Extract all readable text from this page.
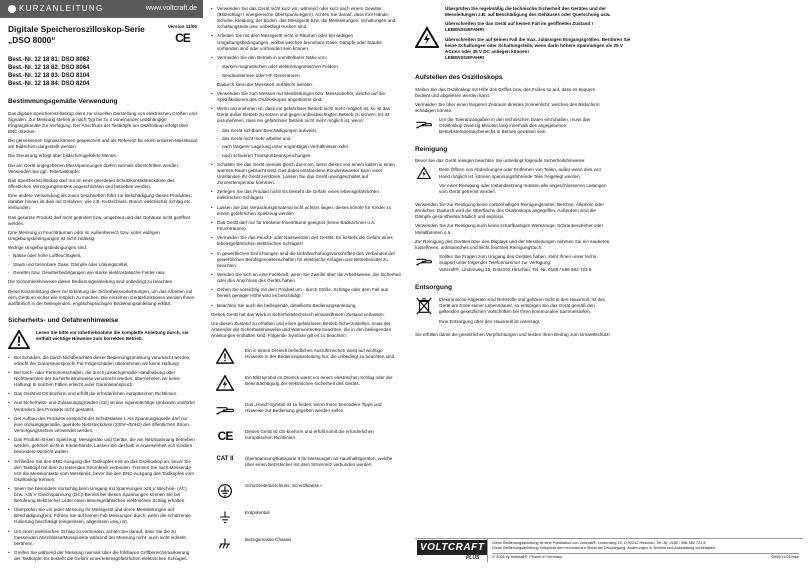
KURZANLEITUNG	www.voltcraft.de
Digitale Speicheroszilloskop-Serie
„DSO 8000“
Version 11/06
CE
Best.-Nr. 12 18 81: DSO 8062
Best.-Nr. 12 18 82: DSO 8064
Best.-Nr. 12 18 83: DSO 8104
Best.-Nr. 12 18 84: DSO 8204
Bestimmungsgemäße Verwendung

Das digitale Speicheroszilloskop dient zur visuellen Darstellung von elektrischen Größen und Signalen. Zur Messung stehen je nach Typ bis zu 4 voneinander unabhängige Eingangskanäle zur Verfügung. Der Anschluss der Tastköpfe am Oszilloskop erfolgt über BNC-Stecker.

Die gemessenen Signale können gespeichert und als Referenz für einen anderen Messkanal am Bildschirm dargestellt werden.

Die Steuerung erfolgt über bildschirmgeführte Menüs.

Die am Gerät angegebenen Messspannungen dürfen niemals überschritten werden. Verwenden Sie ggf. Teilertastköpfe.

Das Speicheroszilloskop darf nur an einer geerdeten Schutzkontaktsteckdose des öffentlichen Versorgungsnetzes angeschlossen und betrieben werden.

Eine andere Verwendung als zuvor beschrieben führt zur Beschädigung dieses Produktes, darüber hinaus ist dies mit Gefahren, wie z.B. Kurzschluss, Brand, elektrischer Schlag etc. verbunden.

Das gesamte Produkt darf nicht geändert bzw. umgebaut und das Gehäuse nicht geöffnet werden.

Eine Messung in Feuchträumen oder im Außenbereich bzw. unter widrigen Umgebungsbedingungen ist nicht zulässig.

Widrige Umgebungsbedingungen sind:

- Nässe oder hohe Luftfeuchtigkeit,
- Staub und brennbare Gase, Dämpfe oder Lösungsmittel,
- Gewitter bzw. Gewitterbedingungen wie starke elektrostatische Felder usw.

Die Sicherheitshinweise dieser Bedienungsanleitung sind unbedingt zu beachten.

Diese Kurzanleitung dient zur Erklärung der Sicherheitsvorkehrungen, um das Arbeiten mit dem Gerät so sicher wie möglich zu machen. Die einzelnen Gerätefunktionen werden Ihnen ausführlich in der beiliegenden, englischsprachigen Bedienungsanleitung erklärt.

Sicherheits- und Gefahrenhinweise
Lesen Sie bitte vor Inbetriebnahme die komplette Anleitung durch, sie enthält wichtige Hinweise zum korrekten Betrieb.
• Bei Schäden, die durch Nichtbeachten dieser Bedienungsanleitung verursacht werden, erlischt der Garantieanspruch! Für Folgeschäden übernehmen wir keine Haftung!
• Bei Sach- oder Personenschäden, die durch unsachgemäße Handhabung oder Nichtbeachten der Sicherheitshinweise verursacht werden, übernehmen wir keine Haftung! In solchen Fällen erlischt jeder Garantieanspruch.
• Das Gerät ist CE-konform und erfüllt die erforderlichen europäischen Richtlinien.
• Aus Sicherheits- und Zulassungsgründen (CE) ist das eigenmächtige Umbauen und/oder Verändern des Produkts nicht gestattet.
• Der Aufbau des Produkts entspricht der Schutzklasse I. Als Spannungsquelle darf nur eine ordnungsgemäße, geerdete Netzsteckdose (230V~/50Hz) des öffentlichen Strom-Versorgungsnetzes verwendet werden.
• Das Produkt ist kein Spielzeug. Messgeräte und Geräte, die am Netzspannung betrieben werden, gehören nicht in Kinderhände. Lassen Sie deshalb in Anwesenheit von Kindern besondere Vorsicht walten.
• Schließen Sie den BNC-Ausgang des Tastkopfes erst an das Oszilloskop an, bevor Sie den Tastkopf mit dem zu testenden Stromkreis verbinden. Trennen Sie nach Messende erst die Messkontakte vom Messkreis, bevor Sie den BNC-Ausgang des Tastkopfes vom Oszilloskop trennen.
• Seien Sie besonders Vorsichtig beim Umgang mit Spannungen >25 V Wechsel- (AC) bzw. >35 V Gleichspannung (DC)! Bereits bei diesen Spannungen können Sie bei Berührung elektrischer Leiter einen lebensgefährlichen elektrischen Schlag erhalten.
• Überprüfen Sie vor jeder Messung Ihr Messgerät und deren Messleitungen auf Beschädigung(en). Führen Sie auf keinen Fall Messungen durch, wenn die schützende Isolierung beschädigt (eingerissen, abgerissen usw.) ist.
• Um einen elektrischen Schlag zu vermeiden, achten Sie darauf, dass Sie die zu messenden Anschlüsse/Messpunkte während der Messung nicht, auch nicht indirekt, berühren.
• Greifen Sie während der Messung niemals über die fühlbaren Griffbereichsmarkierung der Tastköpfe. Es besteht die Gefahr eines lebensgefährlichen elektrischen Schlages.
• Verwenden Sie das Gerät nicht kurz vor, während oder kurz nach einem Gewitter (Blitzschlag! / energiereiche Überspannungen!). Achten Sie darauf, dass Ihre Hände, Schuhe, Kleidung, der Boden, das Messgerät bzw. die Messleitungen, Schaltungen und Schaltungsteile usw. unbedingt trocken sind.
• Arbeiten Sie mit dem Messgerät nicht in Räumen oder bei widrigen Umgebungsbedingungen, wo/bei welchen brennbare Gase, Dämpfe oder Staube vorhanden sind oder vorhanden sein können.
• Vermeiden Sie den Betrieb in unmittelbarer Nähe von:
- starken magnetischen oder elektromagnetischen Feldern
- Sendeantennen oder HF-Generatoren.

Dadurch kann der Messwert verfälscht werden.

• Verwenden Sie zum Messen nur Messleitungen bzw. Messzubehör, welche auf die Spezifikationen des Oszilloskopes abgestimmt sind.
• Wenn anzunehmen ist, dass ein gefahrloser Betrieb nicht mehr möglich ist, so ist das Gerät außer Betrieb zu setzen und gegen unbeabsichtigten Betrieb zu sichern. Es ist anzunehmen, dass ein gefahrloser Betrieb nicht mehr möglich ist, wenn:
- das Gerät sichtbare Beschädigungen aufweist,
- das Gerät nicht mehr arbeitet und
- nach längerer Lagerung unter ungünstigen Verhältnissen oder
- nach schweren Transportbeanspruchungen.
• Schalten Sie das Gerät niemals gleich dann ein, wenn dieses von einem kalten in einen warmen Raum gebracht wird. Das dabei entstandene Kondenswasser kann unter Umständen Ihr Gerät zerstören. Lassen Sie das Gerät uneingeschaltet auf Zimmertemperatur kommen.
• Zerlegen Sie das Produkt nicht! Es besteht die Gefahr eines lebensgefährlichen elektrischen Schlages!
• Lassen Sie das Verpackungsmaterial nicht achtlos liegen, dieses könnte für Kinder zu einem gefährlichen Spielzeug werden.
• Das Gerät darf nur für trockene Innenräume geeignet (keine Badezimmer o.ä. Feuchträume).
• Vermeiden Sie das Feucht- oder Nasswerden des Geräts. Es besteht die Gefahr eines lebensgefährlichen elektrischen Schlages!
• In gewerblichen Einrichtungen sind die Unfallverhütungsvorschriften des Verbandes der gewerblichen Berufsgenossenschaften für elektrische Anlagen und Betriebsmittel zu beachten.
• Wenden Sie sich an eine Fachkraft, wenn Sie Zweifel über die Arbeitsweise, die Sicherheit oder den Anschluss des Geräts haben.
• Gehen Sie vorsichtig mit dem Produkt um - durch Stöße, Schläge oder dem Fall aus bereits geringer Höhe wird es beschädigt.
• Beachten Sie auch die beiliegende, detaillierte Bedienungsanleitung.

Dieses Gerät hat das Werk in sicherheitstechnisch einwandfreiem Zustand verlassen.

Um diesen Zustand zu erhalten und einen gefahrlosen Betrieb sicherzustellen, muss der Anwender die Sicherheitshinweise und Warnvermerke beachten, die in den beiliegenden Anleitungen enthalten sind. Folgende Symbole gilt es zu beachten:

Ein in einem Dreieck befindliches Ausrufezeichen weist auf wichtige Hinweise in der Bedienungsanleitung hin, die unbedingt zu beachten sind.
Ein Blitzsymbol im Dreieck warnt vor einem elektrischen Schlag oder der Beeinträchtigung der elektrischen Sicherheit des Geräts.
Das „Hand“-Symbol ist zu finden, wenn Ihnen besondere Tipps und Hinweise zur Bedienung gegeben werden sollen.
CE	Dieses Gerät ist CE-konform und erfüllt somit die erforderlichen europäischen Richtlinien.
CAT II	Überspannungskategorie II für Messungen an Haushaltsgeräten, welche über einen Netzstecker mit dem Stromnetz verbunden werden.
Schutzleiteranschluss, Schutzklasse I
Erdpotential
Bezugsmasse Chassis

Überprüfen Sie regelmäßig die technische Sicherheit des Gerätes und der Messleitungen z.B. auf Beschädigung des Gehäuses oder Quetschung usw.

Überschreiten Sie das Gerät auf keinen Fall im geöffneten Zustand !

LEBENSGEFAHR!

Überschreiten Sie auf keinen Fall die max. zulässigen Eingangsgrößen. Berühren Sie keine Schaltungen oder Schaltungsteile, wenn darin höhere Spannungen als 25 V ACrms oder 35 V DC anliegen können!

LEBENSGEFAHR!

Aufstellen des Oszilloskops

Stellen Sie das Oszilloskop mit Hilfe des Griffes bzw. des Fußes so auf, dass es bequem bedient und abgelesen werden kann.

Vermeiden Sie über einen längeren Zeitraum direktes Sonnenlicht, welches den Bildschirm schädigen könnte.

Um die Toleranzangaben in den technischen Daten einzuhalten, muss das Oszilloskop zwanzig Minuten lang innerhalb des angegebenen Betriebstemperaturbereichs in Betrieb gewesen sein.
Reinigung

Bevor Sie das Gerät reinigen beachten Sie unbedingt folgende Sicherheitshinweise:

Beim Öffnen von Abdeckungen oder Entfernen von Teilen, außer wenn dies von Hand möglich ist, können spannungsführende Teile freigelegt werden.

Vor einer Reinigung oder Instandsetzung müssen alle angeschlossenen Leitungen vom Gerät getrennt werden.

Verwenden Sie zur Reinigung keine carbonhaltigen Reinigungsmittel, Benzine, Alkohole oder ähnliches. Dadurch wird die Oberfläche des Oszilloskops angegriffen. Außerdem sind die Dämpfe gesundheitsschädlich und explosiv.

Verwenden Sie zur Reinigung auch keine scharfkantigen Werkzeuge, Schraubendreher oder Metallbürsten o.ä.

Zur Reinigung des Gerätes bzw. des Displays und der Messleitungen nehmen Sie ein sauberes, fusselfreies, antistatisches und leicht feuchtes Reinigungstuch.

Sollten Sie Fragen zum Umgang des Gerätes haben, steht Ihnen unser techn. Support unter folgender Telefonnummer zur Verfügung:

Voltcraft®, Lindenweg 15, D-92242 Hirschau, Tel.-Nr. 0180 / 586 582 723 8

Entsorgung

Elektronische Altgeräte sind Rohstoffe und gehören nicht in den Hausmüll. Ist das Gerät am Ende seiner Lebensdauer, so entsorgen Sie das Gerät gemäß den geltenden gesetzlichen Vorschriften bei Ihren kommunalen Sammelstellen.

Eine Entsorgung über den Hausmüll ist untersagt.

Sie erfüllen damit die gesetzlichen Verpflichtungen und leisten Ihren Beitrag zum Umweltschutz!

VOLTCRAFT
PLUS
Diese Bedienungsanleitung ist eine Publikation von Voltcraft®, Lindenweg 15, D-92242 Hirschau, Tel.-Nr. 0180 / 586 582 723 8.
Diese Bedienungsanleitung entspricht dem technischen Stand bei Drucklegung. Änderungen in Technik und Ausstattung vorbehalten.
© 2006 by Voltcraft®. Printed in Germany.	*2006/11/01/mbe
